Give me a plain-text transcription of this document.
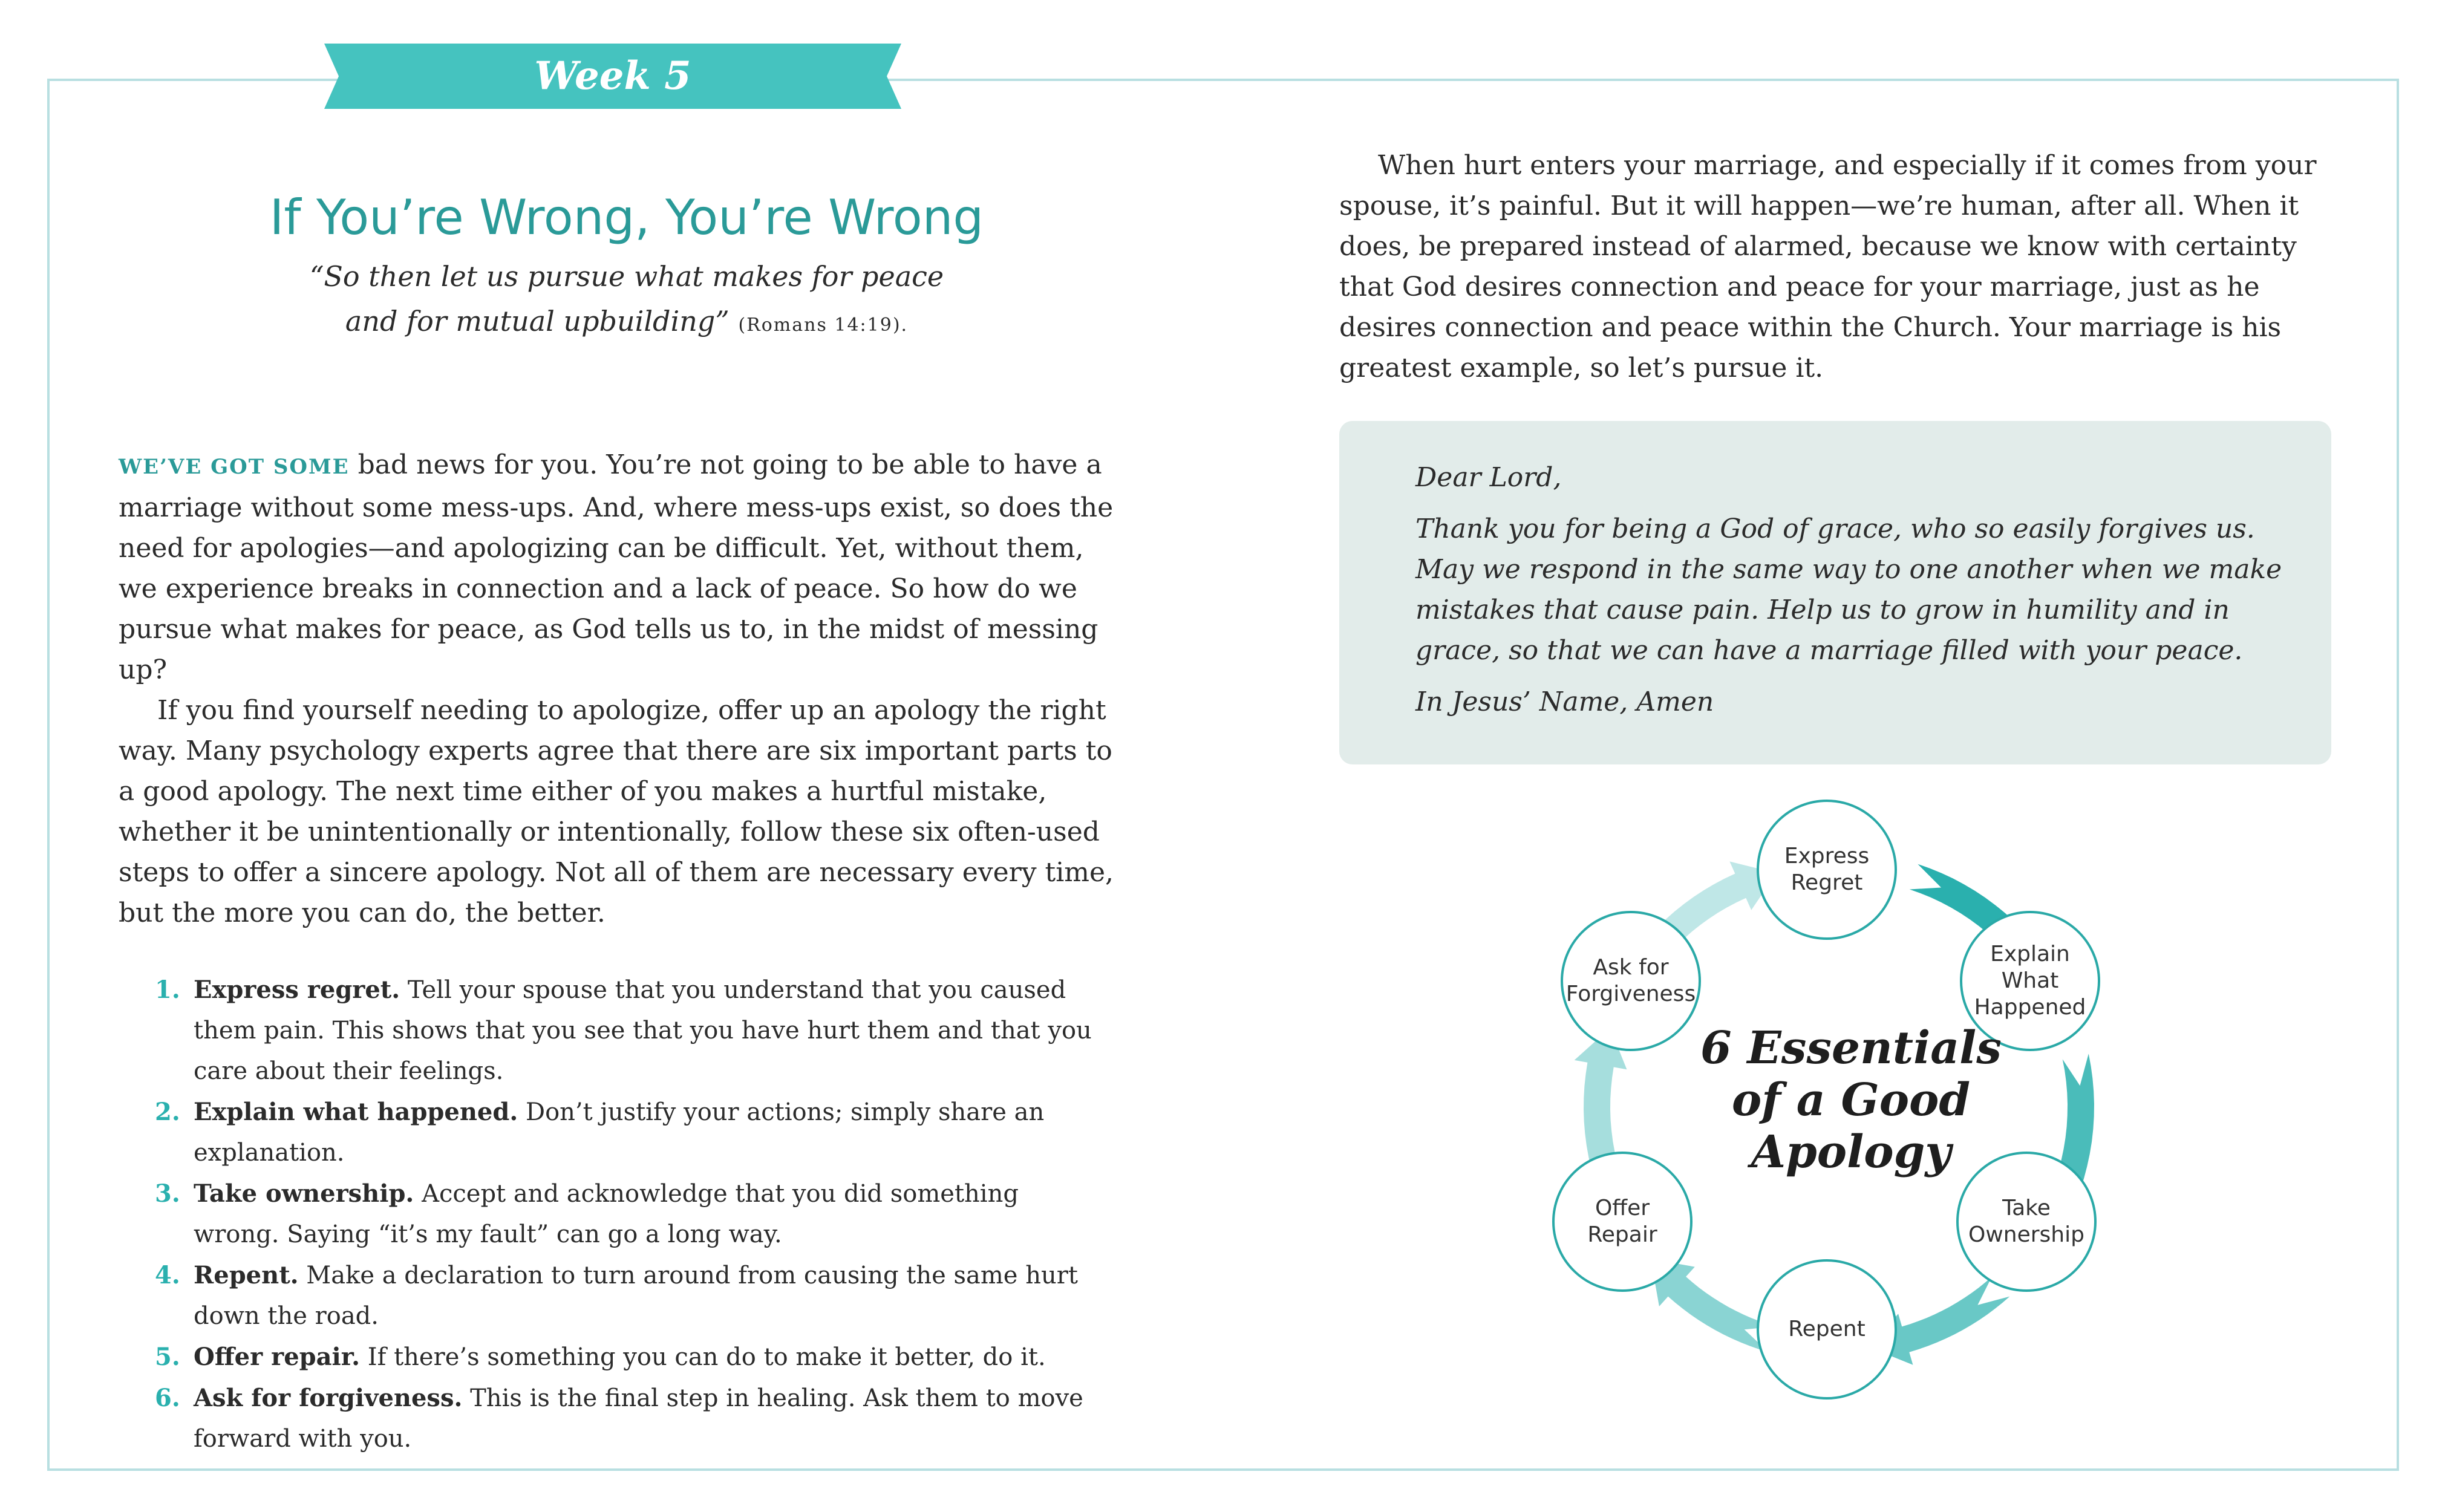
Week 5
If You’re Wrong, You’re Wrong
“So then let us pursue what makes for peace
and for mutual upbuilding” (Romans 14:19).

WE’VE GOT SOME bad news for you. You’re not going to be able to have a marriage without some mess-ups. And, where mess-ups exist, so does the need for apologies—and apologizing can be difficult. Yet, without them, we experience breaks in connection and a lack of peace. So how do we pursue what makes for peace, as God tells us to, in the midst of messing up?

If you find yourself needing to apologize, offer up an apology the right way. Many psychology experts agree that there are six important parts to a good apology. The next time either of you makes a hurtful mistake, whether it be unintentionally or intentionally, follow these six often-used steps to offer a sincere apology. Not all of them are necessary every time, but the more you can do, the better.

1. Express regret. Tell your spouse that you understand that you caused them pain. This shows that you see that you have hurt them and that you care about their feelings.
2. Explain what happened. Don’t justify your actions; simply share an explanation.
3. Take ownership. Accept and acknowledge that you did something wrong. Saying “it’s my fault” can go a long way.
4. Repent. Make a declaration to turn around from causing the same hurt down the road.
5. Offer repair. If there’s something you can do to make it better, do it.
6. Ask for forgiveness. This is the final step in healing. Ask them to move forward with you.

When hurt enters your marriage, and especially if it comes from your spouse, it’s painful. But it will happen—we’re human, after all. When it does, be prepared instead of alarmed, because we know with certainty that God desires connection and peace for your marriage, just as he desires connection and peace within the Church. Your marriage is his greatest example, so let’s pursue it.

Dear Lord,

Thank you for being a God of grace, who so easily forgives us. May we respond in the same way to one another when we make mistakes that cause pain. Help us to grow in humility and in grace, so that we can have a marriage filled with your peace.

In Jesus’ Name, Amen

Express
Regret
Explain
What
Happened
Take
Ownership
Repent
Offer
Repair
Ask for
Forgiveness
6 Essentials
of a Good
Apology
